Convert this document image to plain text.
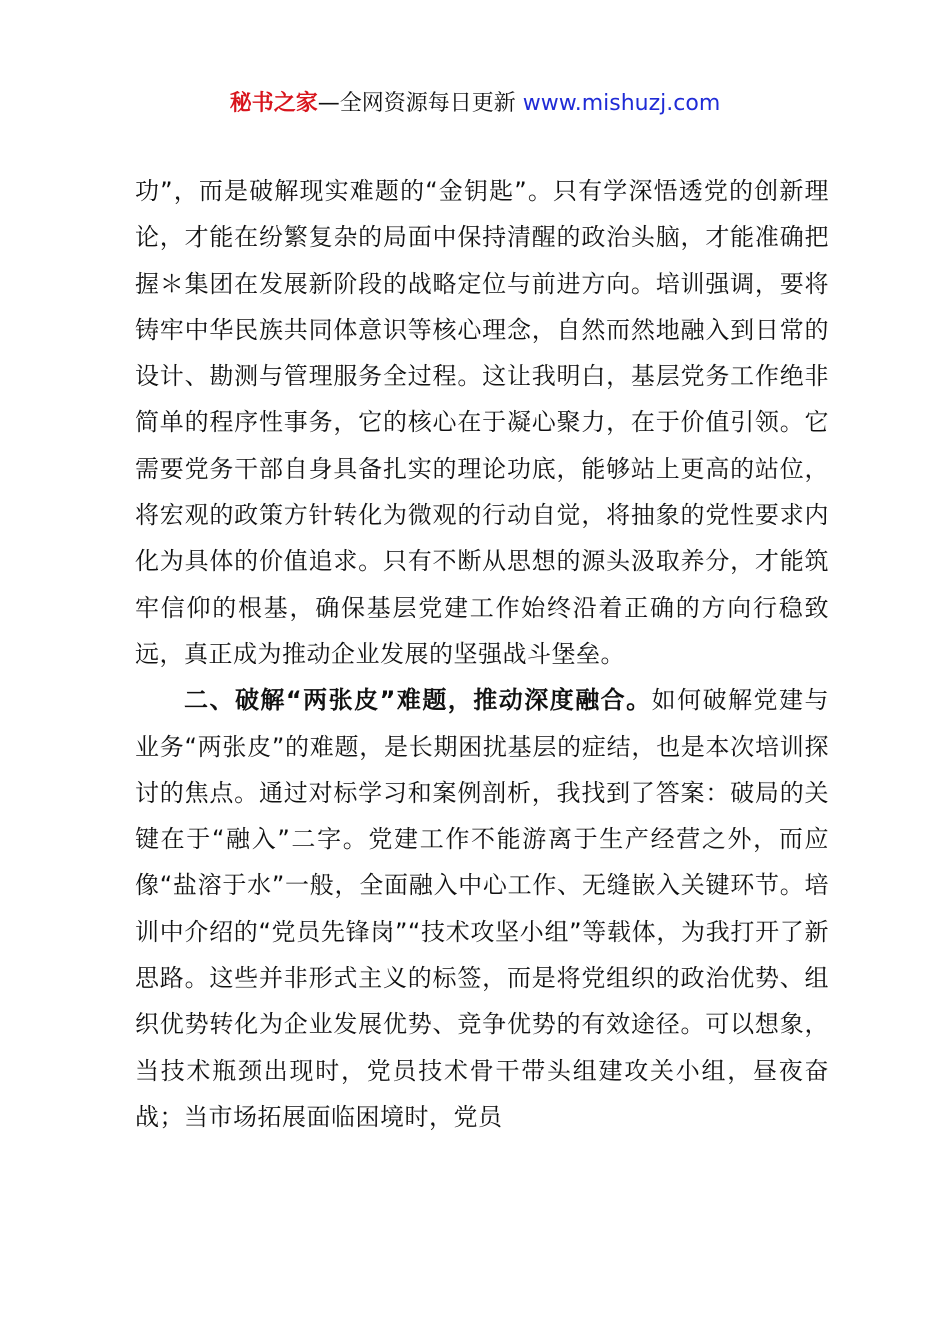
秘书之家—全网资源每日更新 www.mishuzj.com

功”，而是破解现实难题的“金钥匙”。只有学深悟透党的创新理论，才能在纷繁复杂的局面中保持清醒的政治头脑，才能准确把握＊集团在发展新阶段的战略定位与前进方向。培训强调，要将铸牢中华民族共同体意识等核心理念，自然而然地融入到日常的设计、勘测与管理服务全过程。这让我明白，基层党务工作绝非简单的程序性事务，它的核心在于凝心聚力，在于价值引领。它需要党务干部自身具备扎实的理论功底，能够站上更高的站位，将宏观的政策方针转化为微观的行动自觉，将抽象的党性要求内化为具体的价值追求。只有不断从思想的源头汲取养分，才能筑牢信仰的根基，确保基层党建工作始终沿着正确的方向行稳致远，真正成为推动企业发展的坚强战斗堡垒。

二、破解“两张皮”难题，推动深度融合。如何破解党建与业务“两张皮”的难题，是长期困扰基层的症结，也是本次培训探讨的焦点。通过对标学习和案例剖析，我找到了答案：破局的关键在于“融入”二字。党建工作不能游离于生产经营之外，而应像“盐溶于水”一般，全面融入中心工作、无缝嵌入关键环节。培训中介绍的“党员先锋岗”“技术攻坚小组”等载体，为我打开了新思路。这些并非形式主义的标签，而是将党组织的政治优势、组织优势转化为企业发展优势、竞争优势的有效途径。可以想象，当技术瓶颈出现时，党员技术骨干带头组建攻关小组，昼夜奋战；当市场拓展面临困境时，党员
